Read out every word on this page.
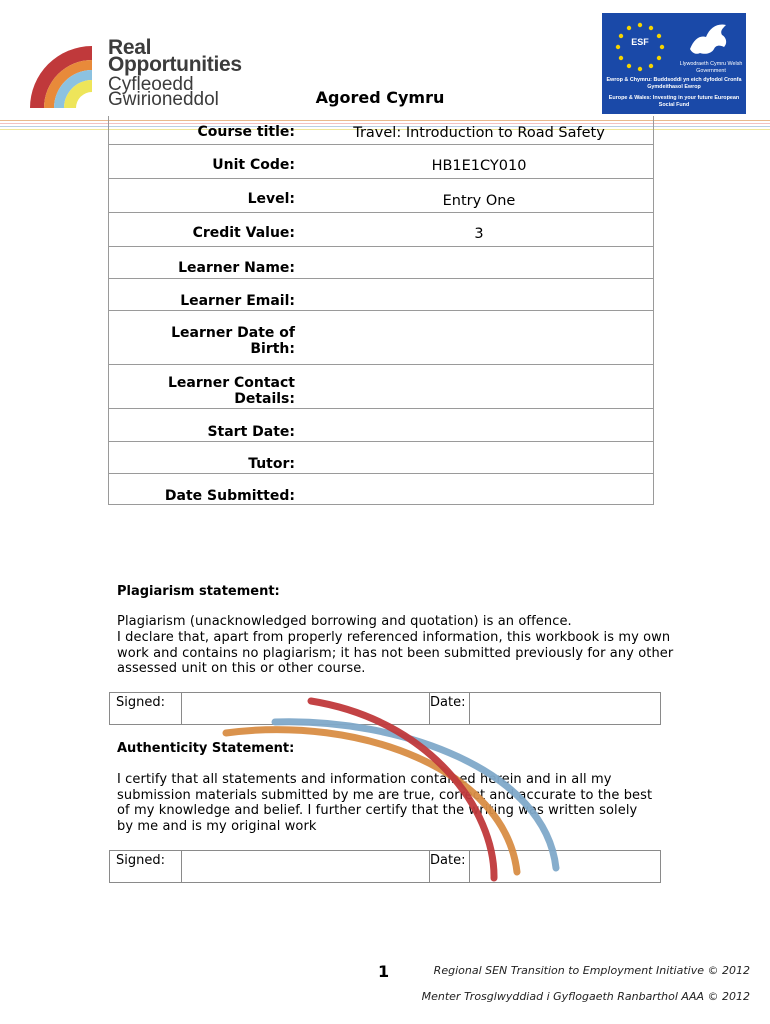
Real
Opportunities
Cyfleoedd
Gwirioneddol
ESF
Llywodraeth Cymru Welsh Government
Ewrop & Chymru: Buddsoddi yn eich dyfodol Cronfa Gymdeithasol Ewrop
Europe & Wales: Investing in your future European Social Fund
Agored Cymru
Course title:	Travel: Introduction to Road Safety
Unit Code:	HB1E1CY010
Level:	Entry One
Credit Value:	3
Learner Name:
Learner Email:
Learner Date of Birth:
Learner Contact Details:
Start Date:
Tutor:
Date Submitted:
Plagiarism statement:
Plagiarism (unacknowledged borrowing and quotation) is an offence.
I declare that, apart from properly referenced information, this workbook is my own work and contains no plagiarism; it has not been submitted previously for any other assessed unit on this or other course.
Signed:	Date:
Authenticity Statement:
I certify that all statements and information contained herein and in all my submission materials submitted by me are true, correct and accurate to the best of my knowledge and belief. I further certify that the writing was written solely by me and is my original work
Signed:	Date:
1	Regional SEN Transition to Employment Initiative © 2012
Menter Trosglwyddiad i Gyflogaeth Ranbarthol AAA © 2012
